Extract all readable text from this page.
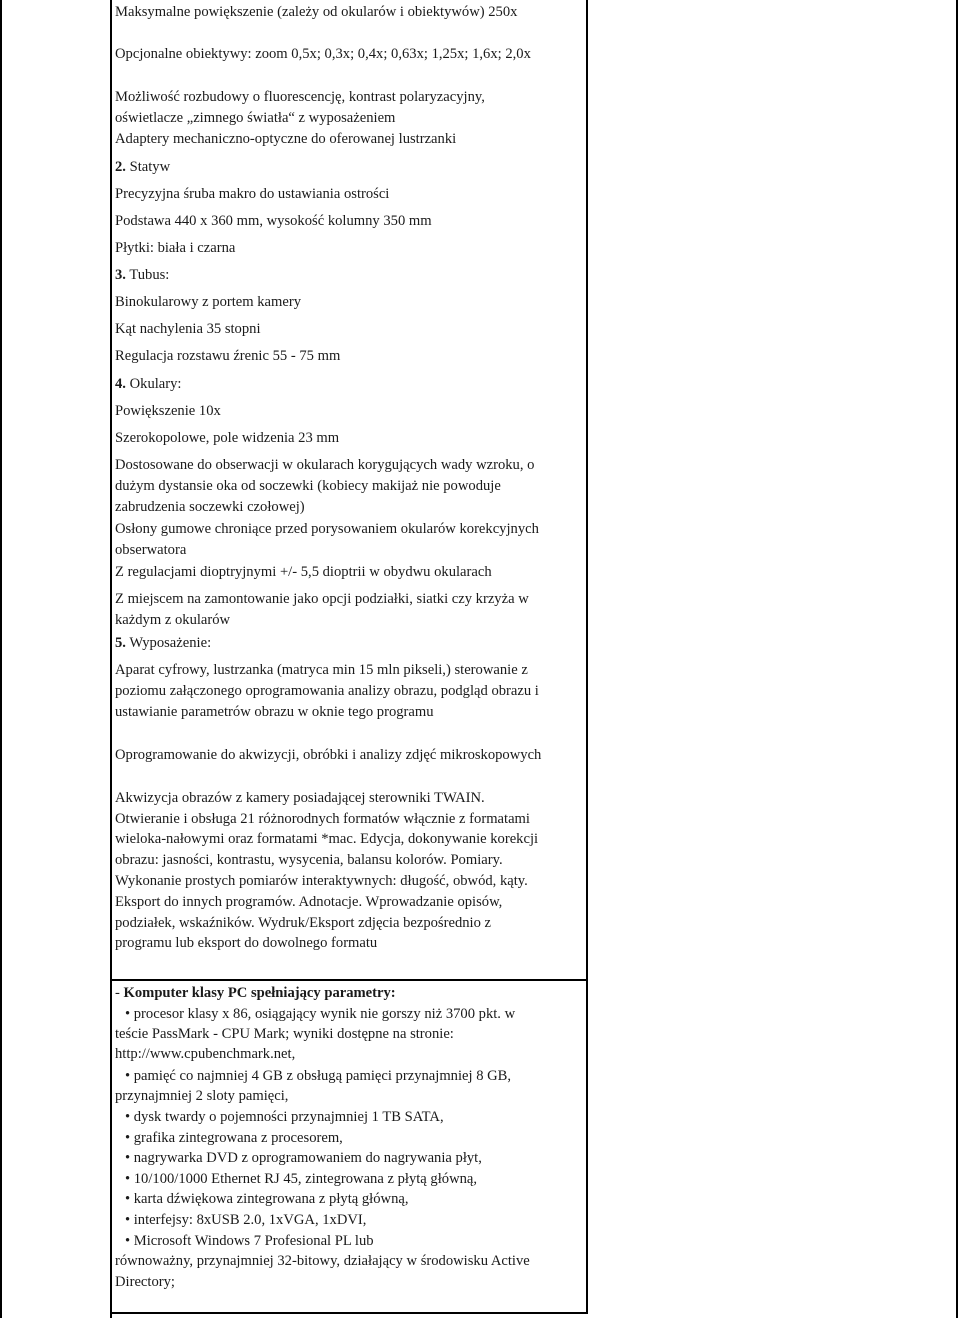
Maksymalne powiększenie (zależy od okularów i obiektywów) 250x
Opcjonalne obiektywy: zoom 0,5x; 0,3x; 0,4x; 0,63x; 1,25x; 1,6x; 2,0x
Możliwość rozbudowy o fluorescencję, kontrast polaryzacyjny,
oświetlacze „zimnego światła“ z wyposażeniem
Adaptery mechaniczno-optyczne do oferowanej lustrzanki
2. Statyw
Precyzyjna śruba makro do ustawiania ostrości
Podstawa 440 x 360 mm, wysokość kolumny 350 mm
Płytki: biała i czarna
3. Tubus:
Binokularowy z portem kamery
Kąt nachylenia 35 stopni
Regulacja rozstawu źrenic 55 - 75 mm
4. Okulary:
Powiększenie 10x
Szerokopolowe, pole widzenia 23 mm
Dostosowane do obserwacji w okularach korygujących wady wzroku, o
dużym dystansie oka od soczewki (kobiecy makijaż nie powoduje
zabrudzenia soczewki czołowej)
Osłony gumowe chroniące przed porysowaniem okularów korekcyjnych
obserwatora
Z regulacjami dioptryjnymi +/- 5,5 dioptrii w obydwu okularach
Z miejscem na zamontowanie jako opcji podziałki, siatki czy krzyża w
każdym z okularów
5. Wyposażenie:
Aparat cyfrowy, lustrzanka (matryca min 15 mln pikseli,) sterowanie z
poziomu załączonego oprogramowania analizy obrazu, podgląd obrazu i
ustawianie parametrów obrazu w oknie tego programu
Oprogramowanie do akwizycji, obróbki i analizy zdjęć mikroskopowych
Akwizycja obrazów z kamery posiadającej sterowniki TWAIN.
Otwieranie i obsługa 21 różnorodnych formatów włącznie z formatami
wieloka-nałowymi oraz formatami *mac. Edycja, dokonywanie korekcji
obrazu: jasności, kontrastu, wysycenia, balansu kolorów. Pomiary.
Wykonanie prostych pomiarów interaktywnych: długość, obwód, kąty.
Eksport do innych programów. Adnotacje. Wprowadzanie opisów,
podziałek, wskaźników. Wydruk/Eksport zdjęcia bezpośrednio z
programu lub eksport do dowolnego formatu
- Komputer klasy PC spełniający parametry:
• procesor klasy x 86, osiągający wynik nie gorszy niż 3700 pkt. w
teście PassMark - CPU Mark; wyniki dostępne na stronie:
http://www.cpubenchmark.net,
• pamięć co najmniej 4 GB z obsługą pamięci przynajmniej 8 GB,
przynajmniej 2 sloty pamięci,
• dysk twardy o pojemności przynajmniej 1 TB SATA,
• grafika zintegrowana z procesorem,
• nagrywarka DVD z oprogramowaniem do nagrywania płyt,
• 10/100/1000 Ethernet RJ 45, zintegrowana z płytą główną,
• karta dźwiękowa zintegrowana z płytą główną,
• interfejsy: 8xUSB 2.0, 1xVGA, 1xDVI,
• Microsoft Windows 7 Profesional PL lub
równoważny, przynajmniej 32-bitowy, działający w środowisku Active
Directory;
